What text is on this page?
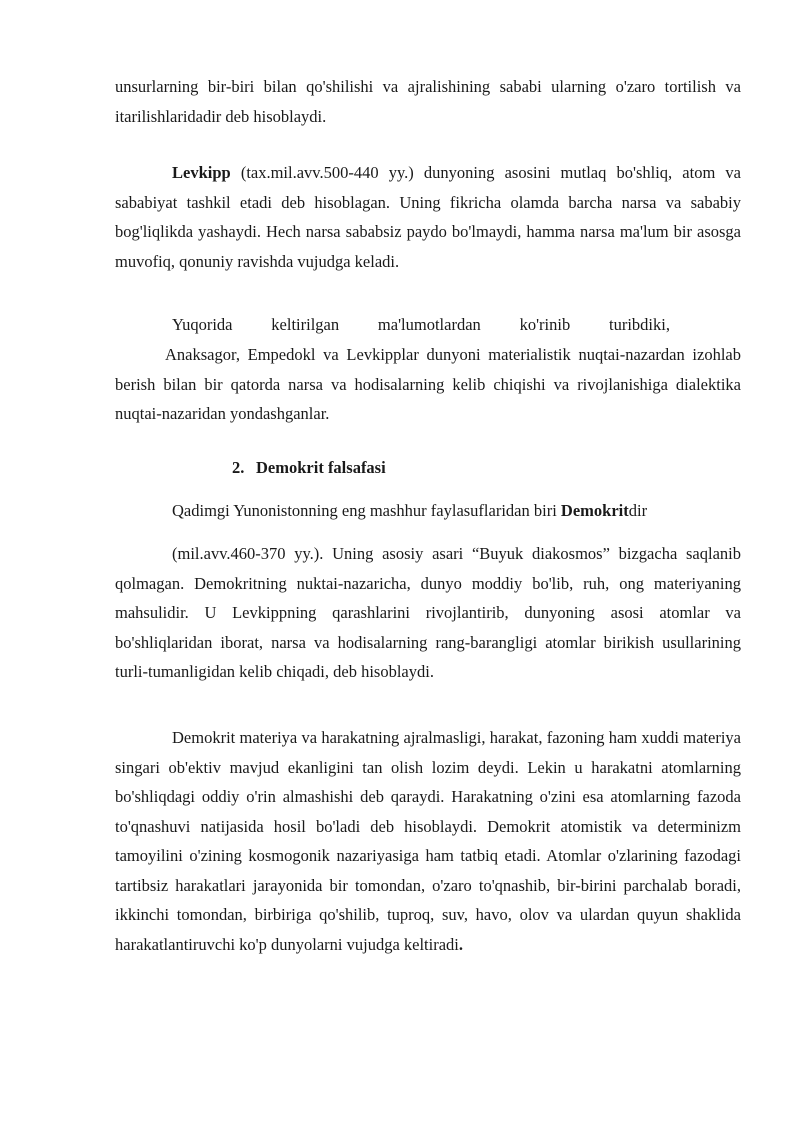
unsurlarning bir-biri bilan qo'shilishi va ajralishining sababi ularning o'zaro tortilish va itarilishlaridadir deb hisoblaydi.

Levkipp (tax.mil.avv.500-440 yy.) dunyoning asosini mutlaq bo'shliq, atom va sababiyat tashkil etadi deb hisoblagan. Uning fikricha olamda barcha narsa va sababiy bog'liqlikda yashaydi. Hech narsa sababsiz paydo bo'lmaydi, hamma narsa ma'lum bir asosga muvofiq, qonuniy ravishda vujudga keladi.

Yuqorida keltirilgan ma'lumotlardan ko'rinib turibdiki,

Anaksagor, Empedokl va Levkipplar dunyoni materialistik nuqtai-nazardan izohlab berish bilan bir qatorda narsa va hodisalarning kelib chiqishi va rivojlanishiga dialektika nuqtai-nazaridan yondashganlar.

2. Demokrit falsafasi
Qadimgi Yunonistonning eng mashhur faylasuflaridan biri Demokritdir

(mil.avv.460-370 yy.). Uning asosiy asari “Buyuk diakosmos” bizgacha saqlanib qolmagan. Demokritning nuktai-nazaricha, dunyo moddiy bo'lib, ruh, ong materiyaning mahsulidir. U Levkippning qarashlarini rivojlantirib, dunyoning asosi atomlar va bo'shliqlaridan iborat, narsa va hodisalarning rang-barangligi atomlar birikish usullarining turli-tumanligidan kelib chiqadi, deb hisoblaydi.

Demokrit materiya va harakatning ajralmasligi, harakat, fazoning ham xuddi materiya singari ob'ektiv mavjud ekanligini tan olish lozim deydi. Lekin u harakatni atomlarning bo'shliqdagi oddiy o'rin almashishi deb qaraydi. Harakatning o'zini esa atomlarning fazoda to'qnashuvi natijasida hosil bo'ladi deb hisoblaydi. Demokrit atomistik va determinizm tamoyilini o'zining kosmogonik nazariyasiga ham tatbiq etadi. Atomlar o'zlarining fazodagi tartibsiz harakatlari jarayonida bir tomondan, o'zaro to'qnashib, bir-birini parchalab boradi, ikkinchi tomondan, birbiriga qo'shilib, tuproq, suv, havo, olov va ulardan quyun shaklida harakatlantiruvchi ko'p dunyolarni vujudga keltiradi.
